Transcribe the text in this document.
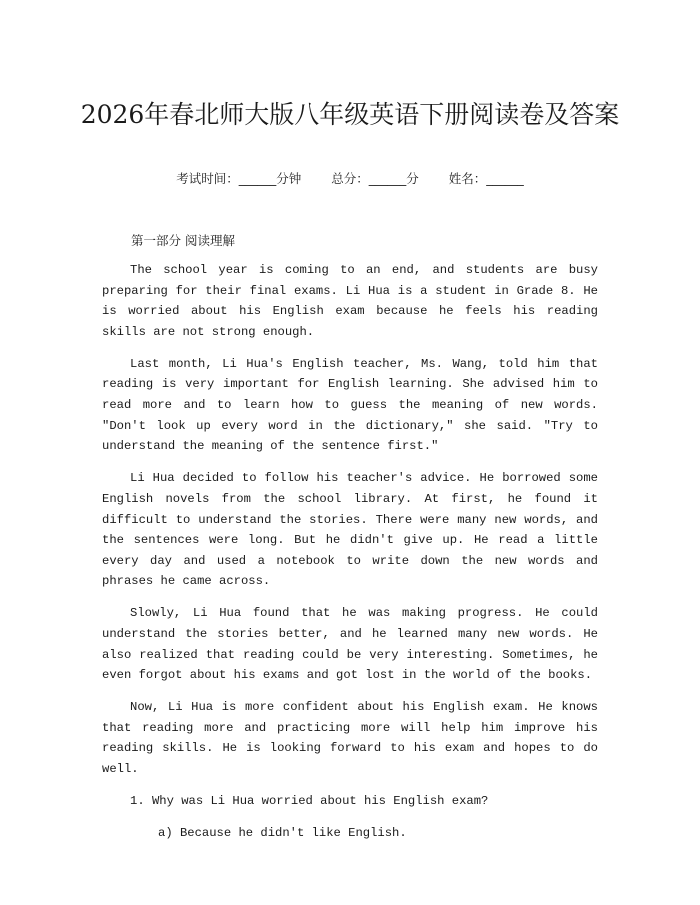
2026年春北师大版八年级英语下册阅读卷及答案
考试时间：______分钟 总分：______分 姓名：______
第一部分 阅读理解

The school year is coming to an end, and students are busy preparing for their final exams. Li Hua is a student in Grade 8. He is worried about his English exam because he feels his reading skills are not strong enough.

Last month, Li Hua's English teacher, Ms. Wang, told him that reading is very important for English learning. She advised him to read more and to learn how to guess the meaning of new words. "Don't look up every word in the dictionary," she said. "Try to understand the meaning of the sentence first."

Li Hua decided to follow his teacher's advice. He borrowed some English novels from the school library. At first, he found it difficult to understand the stories. There were many new words, and the sentences were long. But he didn't give up. He read a little every day and used a notebook to write down the new words and phrases he came across.

Slowly, Li Hua found that he was making progress. He could understand the stories better, and he learned many new words. He also realized that reading could be very interesting. Sometimes, he even forgot about his exams and got lost in the world of the books.

Now, Li Hua is more confident about his English exam. He knows that reading more and practicing more will help him improve his reading skills. He is looking forward to his exam and hopes to do well.

1. Why was Li Hua worried about his English exam?

a) Because he didn't like English.
